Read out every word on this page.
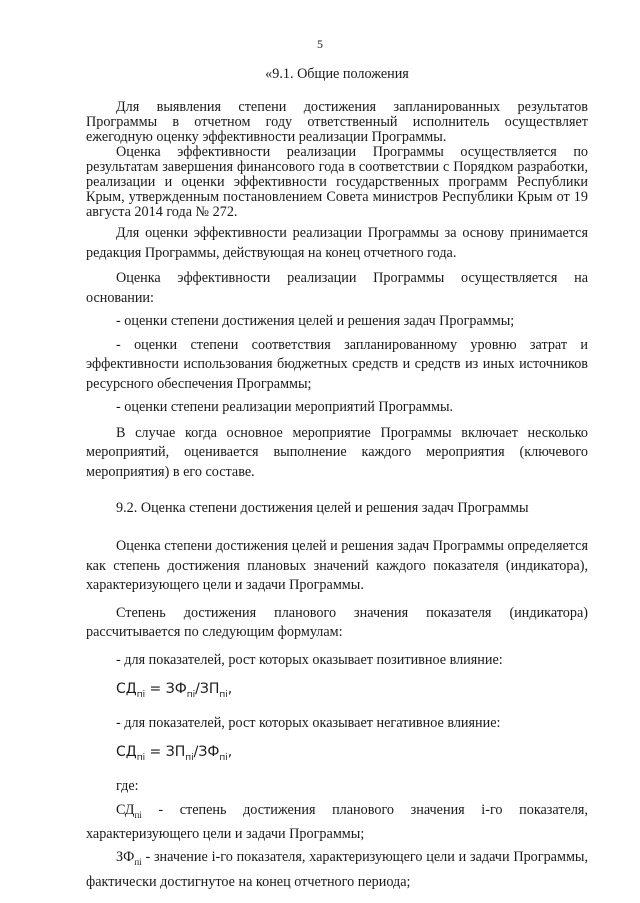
5

«9.1. Общие положения

Для выявления степени достижения запланированных результатов Программы в отчетном году ответственный исполнитель осуществляет ежегодную оценку эффективности реализации Программы.

Оценка эффективности реализации Программы осуществляется по результатам завершения финансового года в соответствии с Порядком разработки, реализации и оценки эффективности государственных программ Республики Крым, утвержденным постановлением Совета министров Республики Крым от 19 августа 2014 года № 272.

Для оценки эффективности реализации Программы за основу принимается редакция Программы, действующая на конец отчетного года.

Оценка эффективности реализации Программы осуществляется на основании:

- оценки степени достижения целей и решения задач Программы;

- оценки степени соответствия запланированному уровню затрат и эффективности использования бюджетных средств и средств из иных источников ресурсного обеспечения Программы;

- оценки степени реализации мероприятий Программы.

В случае когда основное мероприятие Программы включает несколько мероприятий, оценивается выполнение каждого мероприятия (ключевого мероприятия) в его составе.

9.2. Оценка степени достижения целей и решения задач Программы

Оценка степени достижения целей и решения задач Программы определяется как степень достижения плановых значений каждого показателя (индикатора), характеризующего цели и задачи Программы.

Степень достижения планового значения показателя (индикатора) рассчитывается по следующим формулам:

- для показателей, рост которых оказывает позитивное влияние:

$СД_{пі} = ЗФ_{пі}/ЗП_{пі}$,

- для показателей, рост которых оказывает негативное влияние:

$СД_{пі} = ЗП_{пі}/ЗФ_{пі}$,

где:

$СД_{пі}$ - степень достижения планового значения і-го показателя, характеризующего цели и задачи Программы;

$ЗФ_{пі}$ - значение і-го показателя, характеризующего цели и задачи Программы, фактически достигнутое на конец отчетного периода;
